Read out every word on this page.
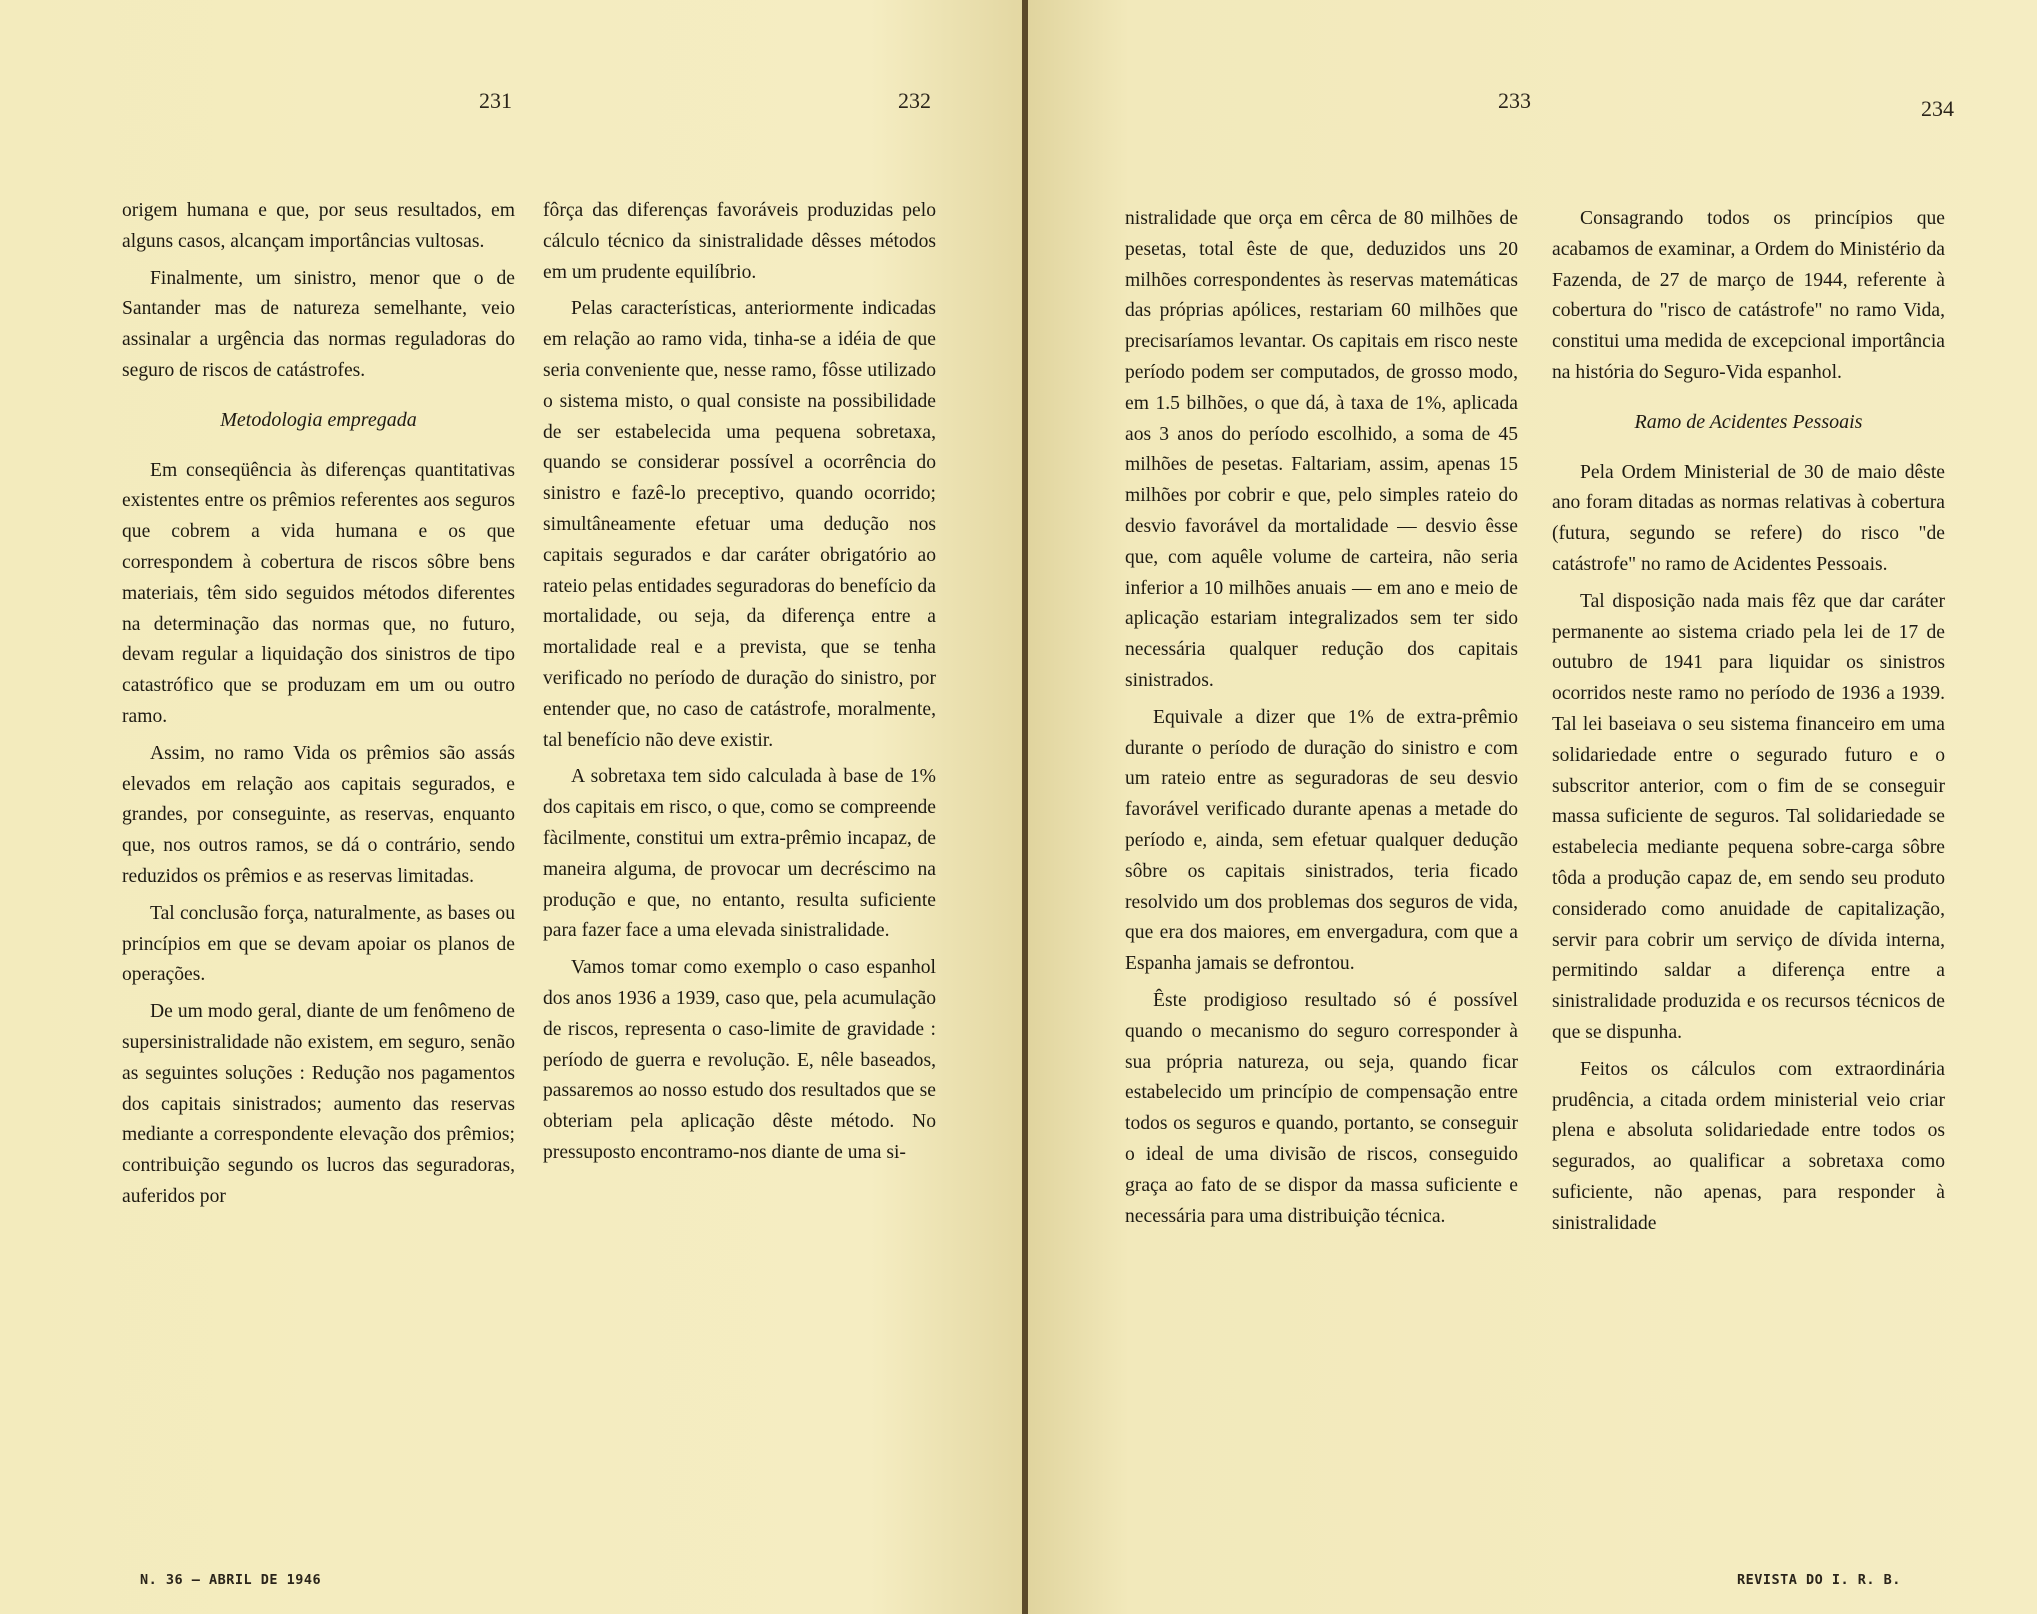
231	232

origem humana e que, por seus resultados, em alguns casos, alcançam importâncias vultosas.

Finalmente, um sinistro, menor que o de Santander mas de natureza semelhante, veio assinalar a urgência das normas reguladoras do seguro de riscos de catástrofes.

Metodologia empregada

Em conseqüência às diferenças quantitativas existentes entre os prêmios referentes aos seguros que cobrem a vida humana e os que correspondem à cobertura de riscos sôbre bens materiais, têm sido seguidos métodos diferentes na determinação das normas que, no futuro, devam regular a liquidação dos sinistros de tipo catastrófico que se produzam em um ou outro ramo.

Assim, no ramo Vida os prêmios são assás elevados em relação aos capitais segurados, e grandes, por conseguinte, as reservas, enquanto que, nos outros ramos, se dá o contrário, sendo reduzidos os prêmios e as reservas limitadas.

Tal conclusão força, naturalmente, as bases ou princípios em que se devam apoiar os planos de operações.

De um modo geral, diante de um fenômeno de supersinistralidade não existem, em seguro, senão as seguintes soluções : Redução nos pagamentos dos capitais sinistrados; aumento das reservas mediante a correspondente elevação dos prêmios; contribuição segundo os lucros das seguradoras, auferidos por

fôrça das diferenças favoráveis produzidas pelo cálculo técnico da sinistralidade dêsses métodos em um prudente equilíbrio.

Pelas características, anteriormente indicadas em relação ao ramo vida, tinha-se a idéia de que seria conveniente que, nesse ramo, fôsse utilizado o sistema misto, o qual consiste na possibilidade de ser estabelecida uma pequena sobretaxa, quando se considerar possível a ocorrência do sinistro e fazê-lo preceptivo, quando ocorrido; simultâneamente efetuar uma dedução nos capitais segurados e dar caráter obrigatório ao rateio pelas entidades seguradoras do benefício da mortalidade, ou seja, da diferença entre a mortalidade real e a prevista, que se tenha verificado no período de duração do sinistro, por entender que, no caso de catástrofe, moralmente, tal benefício não deve existir.

A sobretaxa tem sido calculada à base de 1% dos capitais em risco, o que, como se compreende fàcilmente, constitui um extra-prêmio incapaz, de maneira alguma, de provocar um decréscimo na produção e que, no entanto, resulta suficiente para fazer face a uma elevada sinistralidade.

Vamos tomar como exemplo o caso espanhol dos anos 1936 a 1939, caso que, pela acumulação de riscos, representa o caso-limite de gravidade : período de guerra e revolução. E, nêle baseados, passaremos ao nosso estudo dos resultados que se obteriam pela aplicação dêste método. No pressuposto encontramo-nos diante de uma si-

N. 36 — ABRIL DE 1946
233	234

nistralidade que orça em cêrca de 80 milhões de pesetas, total êste de que, deduzidos uns 20 milhões correspondentes às reservas matemáticas das próprias apólices, restariam 60 milhões que precisaríamos levantar. Os capitais em risco neste período podem ser computados, de grosso modo, em 1.5 bilhões, o que dá, à taxa de 1%, aplicada aos 3 anos do período escolhido, a soma de 45 milhões de pesetas. Faltariam, assim, apenas 15 milhões por cobrir e que, pelo simples rateio do desvio favorável da mortalidade — desvio êsse que, com aquêle volume de carteira, não seria inferior a 10 milhões anuais — em ano e meio de aplicação estariam integralizados sem ter sido necessária qualquer redução dos capitais sinistrados.

Equivale a dizer que 1% de extra-prêmio durante o período de duração do sinistro e com um rateio entre as seguradoras de seu desvio favorável verificado durante apenas a metade do período e, ainda, sem efetuar qualquer dedução sôbre os capitais sinistrados, teria ficado resolvido um dos problemas dos seguros de vida, que era dos maiores, em envergadura, com que a Espanha jamais se defrontou.

Êste prodigioso resultado só é possível quando o mecanismo do seguro corresponder à sua própria natureza, ou seja, quando ficar estabelecido um princípio de compensação entre todos os seguros e quando, portanto, se conseguir o ideal de uma divisão de riscos, conseguido graça ao fato de se dispor da massa suficiente e necessária para uma distribuição técnica.

Consagrando todos os princípios que acabamos de examinar, a Ordem do Ministério da Fazenda, de 27 de março de 1944, referente à cobertura do "risco de catástrofe" no ramo Vida, constitui uma medida de excepcional importância na história do Seguro-Vida espanhol.

Ramo de Acidentes Pessoais

Pela Ordem Ministerial de 30 de maio dêste ano foram ditadas as normas relativas à cobertura (futura, segundo se refere) do risco "de catástrofe" no ramo de Acidentes Pessoais.

Tal disposição nada mais fêz que dar caráter permanente ao sistema criado pela lei de 17 de outubro de 1941 para liquidar os sinistros ocorridos neste ramo no período de 1936 a 1939. Tal lei baseiava o seu sistema financeiro em uma solidariedade entre o segurado futuro e o subscritor anterior, com o fim de se conseguir massa suficiente de seguros. Tal solidariedade se estabelecia mediante pequena sobre-carga sôbre tôda a produção capaz de, em sendo seu produto considerado como anuidade de capitalização, servir para cobrir um serviço de dívida interna, permitindo saldar a diferença entre a sinistralidade produzida e os recursos técnicos de que se dispunha.

Feitos os cálculos com extraordinária prudência, a citada ordem ministerial veio criar plena e absoluta solidariedade entre todos os segurados, ao qualificar a sobretaxa como suficiente, não apenas, para responder à sinistralidade

REVISTA DO I. R. B.
